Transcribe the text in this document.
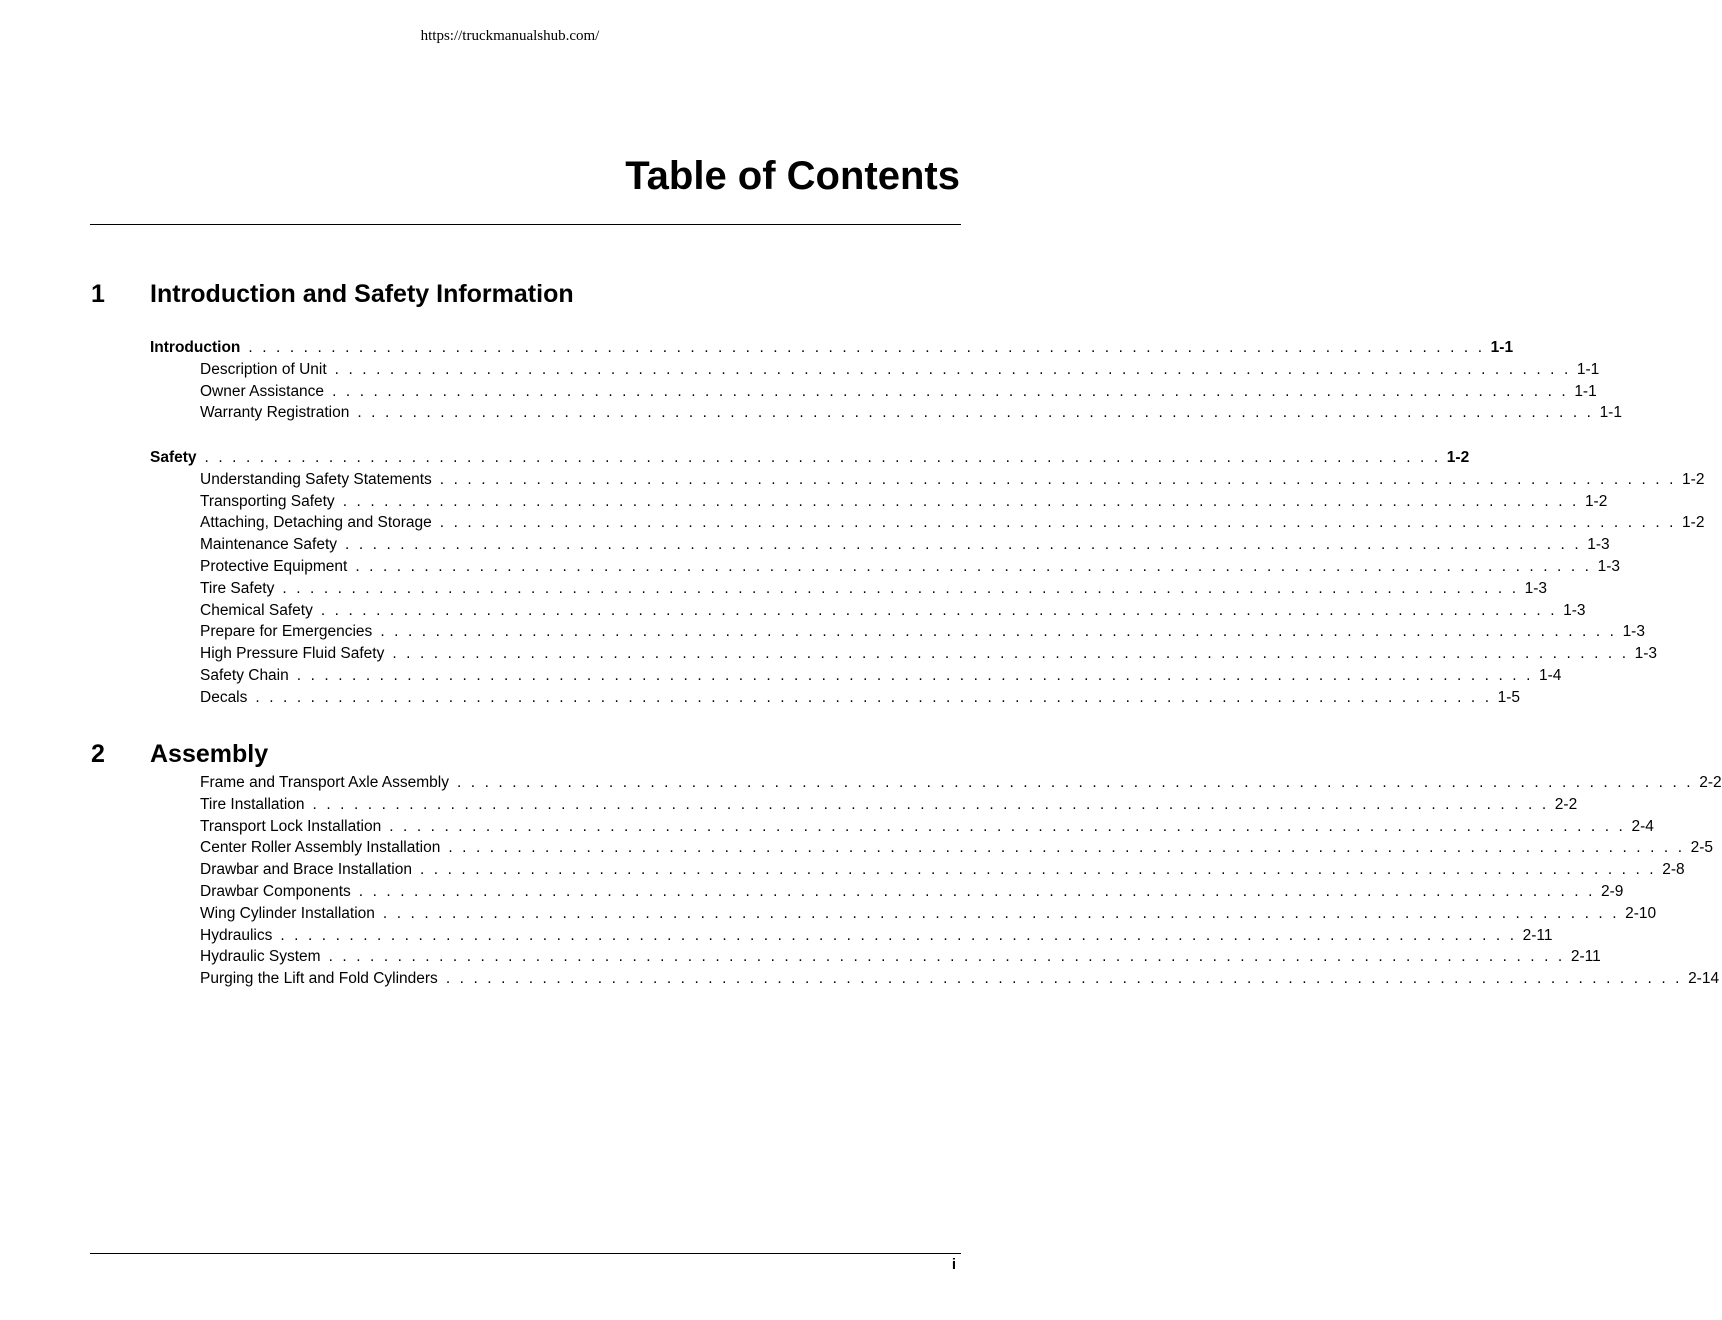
https://truckmanualshub.com/
Table of Contents
1 Introduction and Safety Information
Introduction . . . . . . . . . . . . . . . . . . . . . . . . . . . . . . . . . . . . . . . . . . . . . . . . . . . . . . . . . . . . . . . . . . . . . . . . . . . . . . . . . . . . . . . . . . 1-1
Description of Unit . . . . . . . . . . . . . . . . . . . . . . . . . . . . . . . . . . . . . . . . . . . . . . . . . . . . . . . . . . . . . . . . . . . . . . . . . . . . . . . . . . . . . . . . . . 1-1
Owner Assistance . . . . . . . . . . . . . . . . . . . . . . . . . . . . . . . . . . . . . . . . . . . . . . . . . . . . . . . . . . . . . . . . . . . . . . . . . . . . . . . . . . . . . . . . . . 1-1
Warranty Registration . . . . . . . . . . . . . . . . . . . . . . . . . . . . . . . . . . . . . . . . . . . . . . . . . . . . . . . . . . . . . . . . . . . . . . . . . . . . . . . . . . . . . . . . . . 1-1
Safety . . . . . . . . . . . . . . . . . . . . . . . . . . . . . . . . . . . . . . . . . . . . . . . . . . . . . . . . . . . . . . . . . . . . . . . . . . . . . . . . . . . . . . . . . . 1-2
Understanding Safety Statements . . . . . . . . . . . . . . . . . . . . . . . . . . . . . . . . . . . . . . . . . . . . . . . . . . . . . . . . . . . . . . . . . . . . . . . . . . . . . . . . . . . . . . . . . . 1-2
Transporting Safety . . . . . . . . . . . . . . . . . . . . . . . . . . . . . . . . . . . . . . . . . . . . . . . . . . . . . . . . . . . . . . . . . . . . . . . . . . . . . . . . . . . . . . . . . . 1-2
Attaching, Detaching and Storage . . . . . . . . . . . . . . . . . . . . . . . . . . . . . . . . . . . . . . . . . . . . . . . . . . . . . . . . . . . . . . . . . . . . . . . . . . . . . . . . . . . . . . . . . . 1-2
Maintenance Safety . . . . . . . . . . . . . . . . . . . . . . . . . . . . . . . . . . . . . . . . . . . . . . . . . . . . . . . . . . . . . . . . . . . . . . . . . . . . . . . . . . . . . . . . . . 1-3
Protective Equipment . . . . . . . . . . . . . . . . . . . . . . . . . . . . . . . . . . . . . . . . . . . . . . . . . . . . . . . . . . . . . . . . . . . . . . . . . . . . . . . . . . . . . . . . . . 1-3
Tire Safety . . . . . . . . . . . . . . . . . . . . . . . . . . . . . . . . . . . . . . . . . . . . . . . . . . . . . . . . . . . . . . . . . . . . . . . . . . . . . . . . . . . . . . . . . . 1-3
Chemical Safety . . . . . . . . . . . . . . . . . . . . . . . . . . . . . . . . . . . . . . . . . . . . . . . . . . . . . . . . . . . . . . . . . . . . . . . . . . . . . . . . . . . . . . . . . . 1-3
Prepare for Emergencies . . . . . . . . . . . . . . . . . . . . . . . . . . . . . . . . . . . . . . . . . . . . . . . . . . . . . . . . . . . . . . . . . . . . . . . . . . . . . . . . . . . . . . . . . . 1-3
High Pressure Fluid Safety . . . . . . . . . . . . . . . . . . . . . . . . . . . . . . . . . . . . . . . . . . . . . . . . . . . . . . . . . . . . . . . . . . . . . . . . . . . . . . . . . . . . . . . . . . 1-3
Safety Chain . . . . . . . . . . . . . . . . . . . . . . . . . . . . . . . . . . . . . . . . . . . . . . . . . . . . . . . . . . . . . . . . . . . . . . . . . . . . . . . . . . . . . . . . . . 1-4
Decals . . . . . . . . . . . . . . . . . . . . . . . . . . . . . . . . . . . . . . . . . . . . . . . . . . . . . . . . . . . . . . . . . . . . . . . . . . . . . . . . . . . . . . . . . . 1-5
2 Assembly
Frame and Transport Axle Assembly . . . . . . . . . . . . . . . . . . . . . . . . . . . . . . . . . . . . . . . . . . . . . . . . . . . . . . . . . . . . . . . . . . . . . . . . . . . . . . . . . . . . . . . . . . 2-2
Tire Installation . . . . . . . . . . . . . . . . . . . . . . . . . . . . . . . . . . . . . . . . . . . . . . . . . . . . . . . . . . . . . . . . . . . . . . . . . . . . . . . . . . . . . . . . . . 2-2
Transport Lock Installation . . . . . . . . . . . . . . . . . . . . . . . . . . . . . . . . . . . . . . . . . . . . . . . . . . . . . . . . . . . . . . . . . . . . . . . . . . . . . . . . . . . . . . . . . . 2-4
Center Roller Assembly Installation . . . . . . . . . . . . . . . . . . . . . . . . . . . . . . . . . . . . . . . . . . . . . . . . . . . . . . . . . . . . . . . . . . . . . . . . . . . . . . . . . . . . . . . . . . 2-5
Drawbar and Brace Installation . . . . . . . . . . . . . . . . . . . . . . . . . . . . . . . . . . . . . . . . . . . . . . . . . . . . . . . . . . . . . . . . . . . . . . . . . . . . . . . . . . . . . . . . . . 2-8
Drawbar Components . . . . . . . . . . . . . . . . . . . . . . . . . . . . . . . . . . . . . . . . . . . . . . . . . . . . . . . . . . . . . . . . . . . . . . . . . . . . . . . . . . . . . . . . . . 2-9
Wing Cylinder Installation . . . . . . . . . . . . . . . . . . . . . . . . . . . . . . . . . . . . . . . . . . . . . . . . . . . . . . . . . . . . . . . . . . . . . . . . . . . . . . . . . . . . . . . . . . 2-10
Hydraulics . . . . . . . . . . . . . . . . . . . . . . . . . . . . . . . . . . . . . . . . . . . . . . . . . . . . . . . . . . . . . . . . . . . . . . . . . . . . . . . . . . . . . . . . . . 2-11
Hydraulic System . . . . . . . . . . . . . . . . . . . . . . . . . . . . . . . . . . . . . . . . . . . . . . . . . . . . . . . . . . . . . . . . . . . . . . . . . . . . . . . . . . . . . . . . . . 2-11
Purging the Lift and Fold Cylinders . . . . . . . . . . . . . . . . . . . . . . . . . . . . . . . . . . . . . . . . . . . . . . . . . . . . . . . . . . . . . . . . . . . . . . . . . . . . . . . . . . . . . . . . . . 2-14
i
